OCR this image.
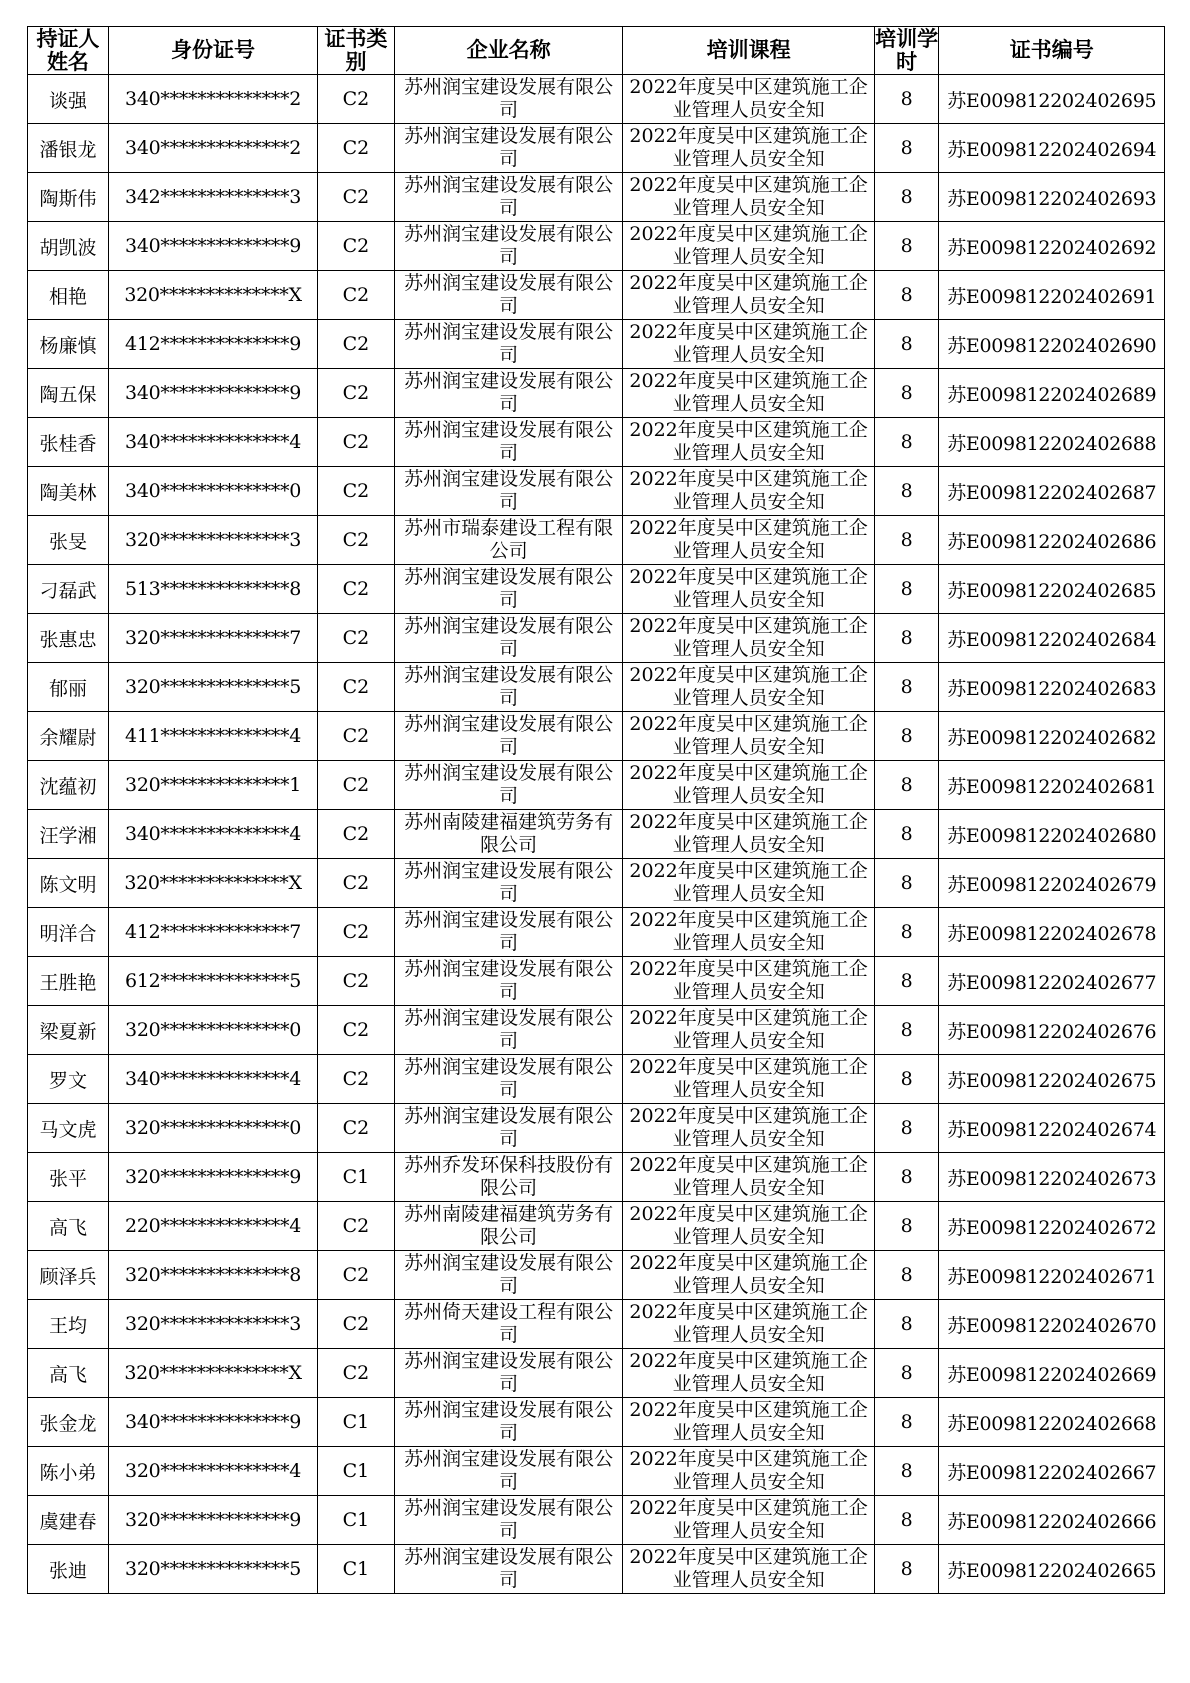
持证人姓名	身份证号	证书类别	企业名称	培训课程	培训学时	证书编号
谈强	340**************2	C2	苏州润宝建设发展有限公司	2022年度吴中区建筑施工企业管理人员安全知	8	苏E009812202402695
潘银龙	340**************2	C2	苏州润宝建设发展有限公司	2022年度吴中区建筑施工企业管理人员安全知	8	苏E009812202402694
陶斯伟	342**************3	C2	苏州润宝建设发展有限公司	2022年度吴中区建筑施工企业管理人员安全知	8	苏E009812202402693
胡凯波	340**************9	C2	苏州润宝建设发展有限公司	2022年度吴中区建筑施工企业管理人员安全知	8	苏E009812202402692
相艳	320**************X	C2	苏州润宝建设发展有限公司	2022年度吴中区建筑施工企业管理人员安全知	8	苏E009812202402691
杨廉慎	412**************9	C2	苏州润宝建设发展有限公司	2022年度吴中区建筑施工企业管理人员安全知	8	苏E009812202402690
陶五保	340**************9	C2	苏州润宝建设发展有限公司	2022年度吴中区建筑施工企业管理人员安全知	8	苏E009812202402689
张桂香	340**************4	C2	苏州润宝建设发展有限公司	2022年度吴中区建筑施工企业管理人员安全知	8	苏E009812202402688
陶美林	340**************0	C2	苏州润宝建设发展有限公司	2022年度吴中区建筑施工企业管理人员安全知	8	苏E009812202402687
张旻	320**************3	C2	苏州市瑞泰建设工程有限公司	2022年度吴中区建筑施工企业管理人员安全知	8	苏E009812202402686
刁磊武	513**************8	C2	苏州润宝建设发展有限公司	2022年度吴中区建筑施工企业管理人员安全知	8	苏E009812202402685
张惠忠	320**************7	C2	苏州润宝建设发展有限公司	2022年度吴中区建筑施工企业管理人员安全知	8	苏E009812202402684
郁丽	320**************5	C2	苏州润宝建设发展有限公司	2022年度吴中区建筑施工企业管理人员安全知	8	苏E009812202402683
余耀尉	411**************4	C2	苏州润宝建设发展有限公司	2022年度吴中区建筑施工企业管理人员安全知	8	苏E009812202402682
沈蕴初	320**************1	C2	苏州润宝建设发展有限公司	2022年度吴中区建筑施工企业管理人员安全知	8	苏E009812202402681
汪学湘	340**************4	C2	苏州南陵建福建筑劳务有限公司	2022年度吴中区建筑施工企业管理人员安全知	8	苏E009812202402680
陈文明	320**************X	C2	苏州润宝建设发展有限公司	2022年度吴中区建筑施工企业管理人员安全知	8	苏E009812202402679
明洋合	412**************7	C2	苏州润宝建设发展有限公司	2022年度吴中区建筑施工企业管理人员安全知	8	苏E009812202402678
王胜艳	612**************5	C2	苏州润宝建设发展有限公司	2022年度吴中区建筑施工企业管理人员安全知	8	苏E009812202402677
梁夏新	320**************0	C2	苏州润宝建设发展有限公司	2022年度吴中区建筑施工企业管理人员安全知	8	苏E009812202402676
罗文	340**************4	C2	苏州润宝建设发展有限公司	2022年度吴中区建筑施工企业管理人员安全知	8	苏E009812202402675
马文虎	320**************0	C2	苏州润宝建设发展有限公司	2022年度吴中区建筑施工企业管理人员安全知	8	苏E009812202402674
张平	320**************9	C1	苏州乔发环保科技股份有限公司	2022年度吴中区建筑施工企业管理人员安全知	8	苏E009812202402673
高飞	220**************4	C2	苏州南陵建福建筑劳务有限公司	2022年度吴中区建筑施工企业管理人员安全知	8	苏E009812202402672
顾泽兵	320**************8	C2	苏州润宝建设发展有限公司	2022年度吴中区建筑施工企业管理人员安全知	8	苏E009812202402671
王均	320**************3	C2	苏州倚天建设工程有限公司	2022年度吴中区建筑施工企业管理人员安全知	8	苏E009812202402670
高飞	320**************X	C2	苏州润宝建设发展有限公司	2022年度吴中区建筑施工企业管理人员安全知	8	苏E009812202402669
张金龙	340**************9	C1	苏州润宝建设发展有限公司	2022年度吴中区建筑施工企业管理人员安全知	8	苏E009812202402668
陈小弟	320**************4	C1	苏州润宝建设发展有限公司	2022年度吴中区建筑施工企业管理人员安全知	8	苏E009812202402667
虞建春	320**************9	C1	苏州润宝建设发展有限公司	2022年度吴中区建筑施工企业管理人员安全知	8	苏E009812202402666
张迪	320**************5	C1	苏州润宝建设发展有限公司	2022年度吴中区建筑施工企业管理人员安全知	8	苏E009812202402665
